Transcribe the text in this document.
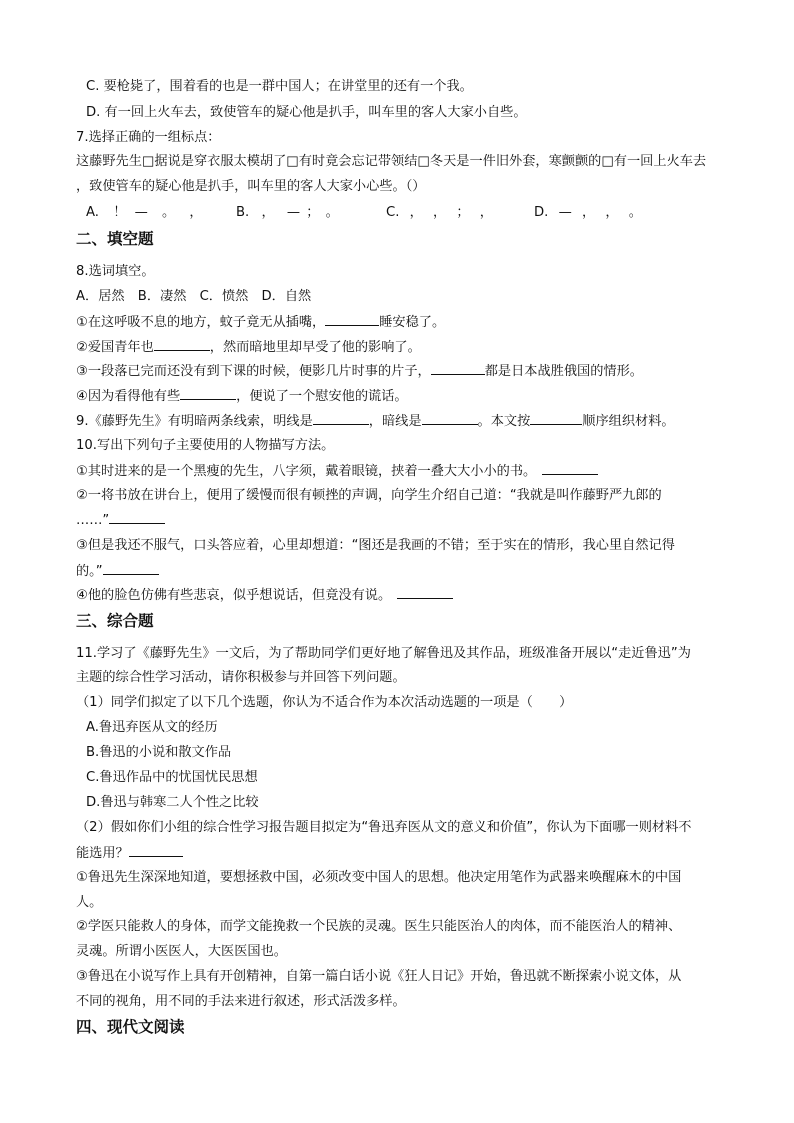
C. 要枪毙了，围着看的也是一群中国人；在讲堂里的还有一个我。
D. 有一回上火车去，致使管车的疑心他是扒手，叫车里的客人大家小自些。
7.选择正确的一组标点：
这藤野先生□据说是穿衣服太模胡了□有时竟会忘记带领结□冬天是一件旧外套，寒颤颤的□有一回上火车去
，致使管车的疑心他是扒手，叫车里的客人大家小心些。（）
A. ！ — 。 ，	B. ， — ； 。	C. ， ， ； ，	D. — ， ， 。
二、填空题
8.选词填空。
A．居然　B．凄然　C．愤然　D．自然
①在这呼吸不息的地方，蚊子竟无从插嘴，	睡安稳了。
②爱国青年也	，然而暗地里却早受了他的影响了。
③一段落已完而还没有到下课的时候，便影几片时事的片子，	都是日本战胜俄国的情形。
④因为看得他有些	，便说了一个慰安他的谎话。
9.《藤野先生》有明暗两条线索，明线是	，暗线是	。本文按	顺序组织材料。
10.写出下列句子主要使用的人物描写方法。
①其时进来的是一个黑瘦的先生，八字须，戴着眼镜，挟着一叠大大小小的书。
②一将书放在讲台上，便用了缓慢而很有顿挫的声调，向学生介绍自己道：“我就是叫作藤野严九郎的
……”
③但是我还不服气，口头答应着，心里却想道：“图还是我画的不错；至于实在的情形，我心里自然记得
的。”
④他的脸色仿佛有些悲哀，似乎想说话，但竟没有说。
三、综合题
11.学习了《藤野先生》一文后，为了帮助同学们更好地了解鲁迅及其作品，班级准备开展以“走近鲁迅”为
主题的综合性学习活动，请你积极参与并回答下列问题。
（1）同学们拟定了以下几个选题，你认为不适合作为本次活动选题的一项是（　　）
A.鲁迅弃医从文的经历
B.鲁迅的小说和散文作品
C.鲁迅作品中的忧国忧民思想
D.鲁迅与韩寒二人个性之比较
（2）假如你们小组的综合性学习报告题目拟定为“鲁迅弃医从文的意义和价值”，你认为下面哪一则材料不
能选用？
①鲁迅先生深深地知道，要想拯救中国，必须改变中国人的思想。他决定用笔作为武器来唤醒麻木的中国
人。
②学医只能救人的身体，而学文能挽救一个民族的灵魂。医生只能医治人的肉体，而不能医治人的精神、
灵魂。所谓小医医人，大医医国也。
③鲁迅在小说写作上具有开创精神，自第一篇白话小说《狂人日记》开始，鲁迅就不断探索小说文体，从
不同的视角，用不同的手法来进行叙述，形式活泼多样。
四、现代文阅读
